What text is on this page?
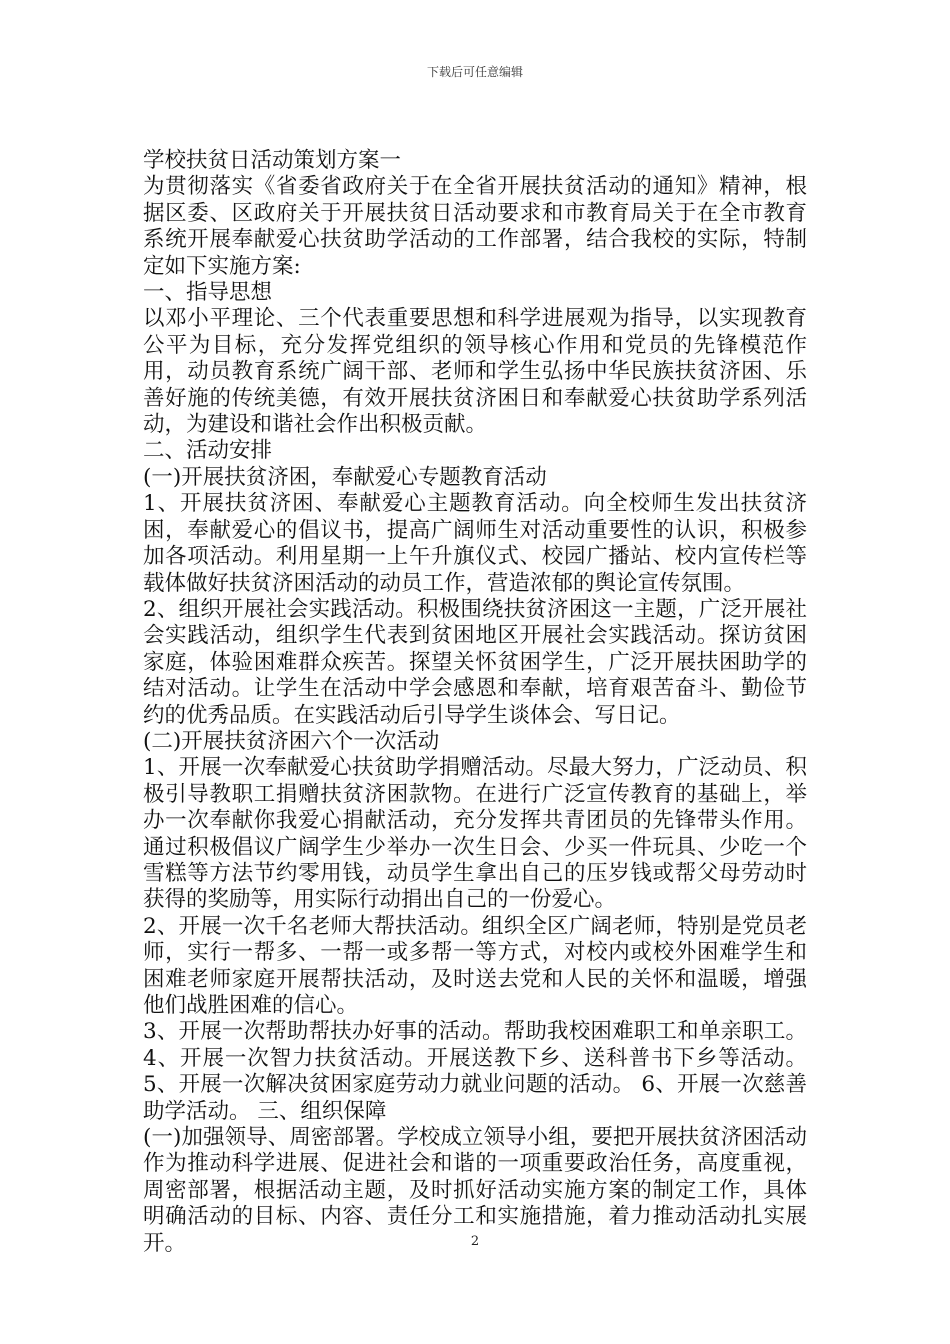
下载后可任意编辑

学校扶贫日活动策划方案一

为贯彻落实《省委省政府关于在全省开展扶贫活动的通知》精神，根据区委、区政府关于开展扶贫日活动要求和市教育局关于在全市教育系统开展奉献爱心扶贫助学活动的工作部署，结合我校的实际，特制定如下实施方案:

一、指导思想

以邓小平理论、三个代表重要思想和科学进展观为指导，以实现教育公平为目标，充分发挥党组织的领导核心作用和党员的先锋模范作用，动员教育系统广阔干部、老师和学生弘扬中华民族扶贫济困、乐善好施的传统美德，有效开展扶贫济困日和奉献爱心扶贫助学系列活动，为建设和谐社会作出积极贡献。

二、活动安排

(一)开展扶贫济困，奉献爱心专题教育活动

1、开展扶贫济困、奉献爱心主题教育活动。向全校师生发出扶贫济困，奉献爱心的倡议书，提高广阔师生对活动重要性的认识，积极参加各项活动。利用星期一上午升旗仪式、校园广播站、校内宣传栏等载体做好扶贫济困活动的动员工作，营造浓郁的舆论宣传氛围。

2、组织开展社会实践活动。积极围绕扶贫济困这一主题，广泛开展社会实践活动，组织学生代表到贫困地区开展社会实践活动。探访贫困家庭，体验困难群众疾苦。探望关怀贫困学生，广泛开展扶困助学的结对活动。让学生在活动中学会感恩和奉献，培育艰苦奋斗、勤俭节约的优秀品质。在实践活动后引导学生谈体会、写日记。

(二)开展扶贫济困六个一次活动

1、开展一次奉献爱心扶贫助学捐赠活动。尽最大努力，广泛动员、积极引导教职工捐赠扶贫济困款物。在进行广泛宣传教育的基础上，举办一次奉献你我爱心捐献活动，充分发挥共青团员的先锋带头作用。通过积极倡议广阔学生少举办一次生日会、少买一件玩具、少吃一个雪糕等方法节约零用钱，动员学生拿出自己的压岁钱或帮父母劳动时获得的奖励等，用实际行动捐出自己的一份爱心。

2、开展一次千名老师大帮扶活动。组织全区广阔老师，特别是党员老师，实行一帮多、一帮一或多帮一等方式，对校内或校外困难学生和困难老师家庭开展帮扶活动，及时送去党和人民的关怀和温暖，增强他们战胜困难的信心。

3、开展一次帮助帮扶办好事的活动。帮助我校困难职工和单亲职工。 4、开展一次智力扶贫活动。开展送教下乡、送科普书下乡等活动。 5、开展一次解决贫困家庭劳动力就业问题的活动。 6、开展一次慈善助学活动。 三、组织保障

(一)加强领导、周密部署。学校成立领导小组，要把开展扶贫济困活动作为推动科学进展、促进社会和谐的一项重要政治任务，高度重视，周密部署，根据活动主题，及时抓好活动实施方案的制定工作，具体明确活动的目标、内容、责任分工和实施措施，着力推动活动扎实展开。	2
